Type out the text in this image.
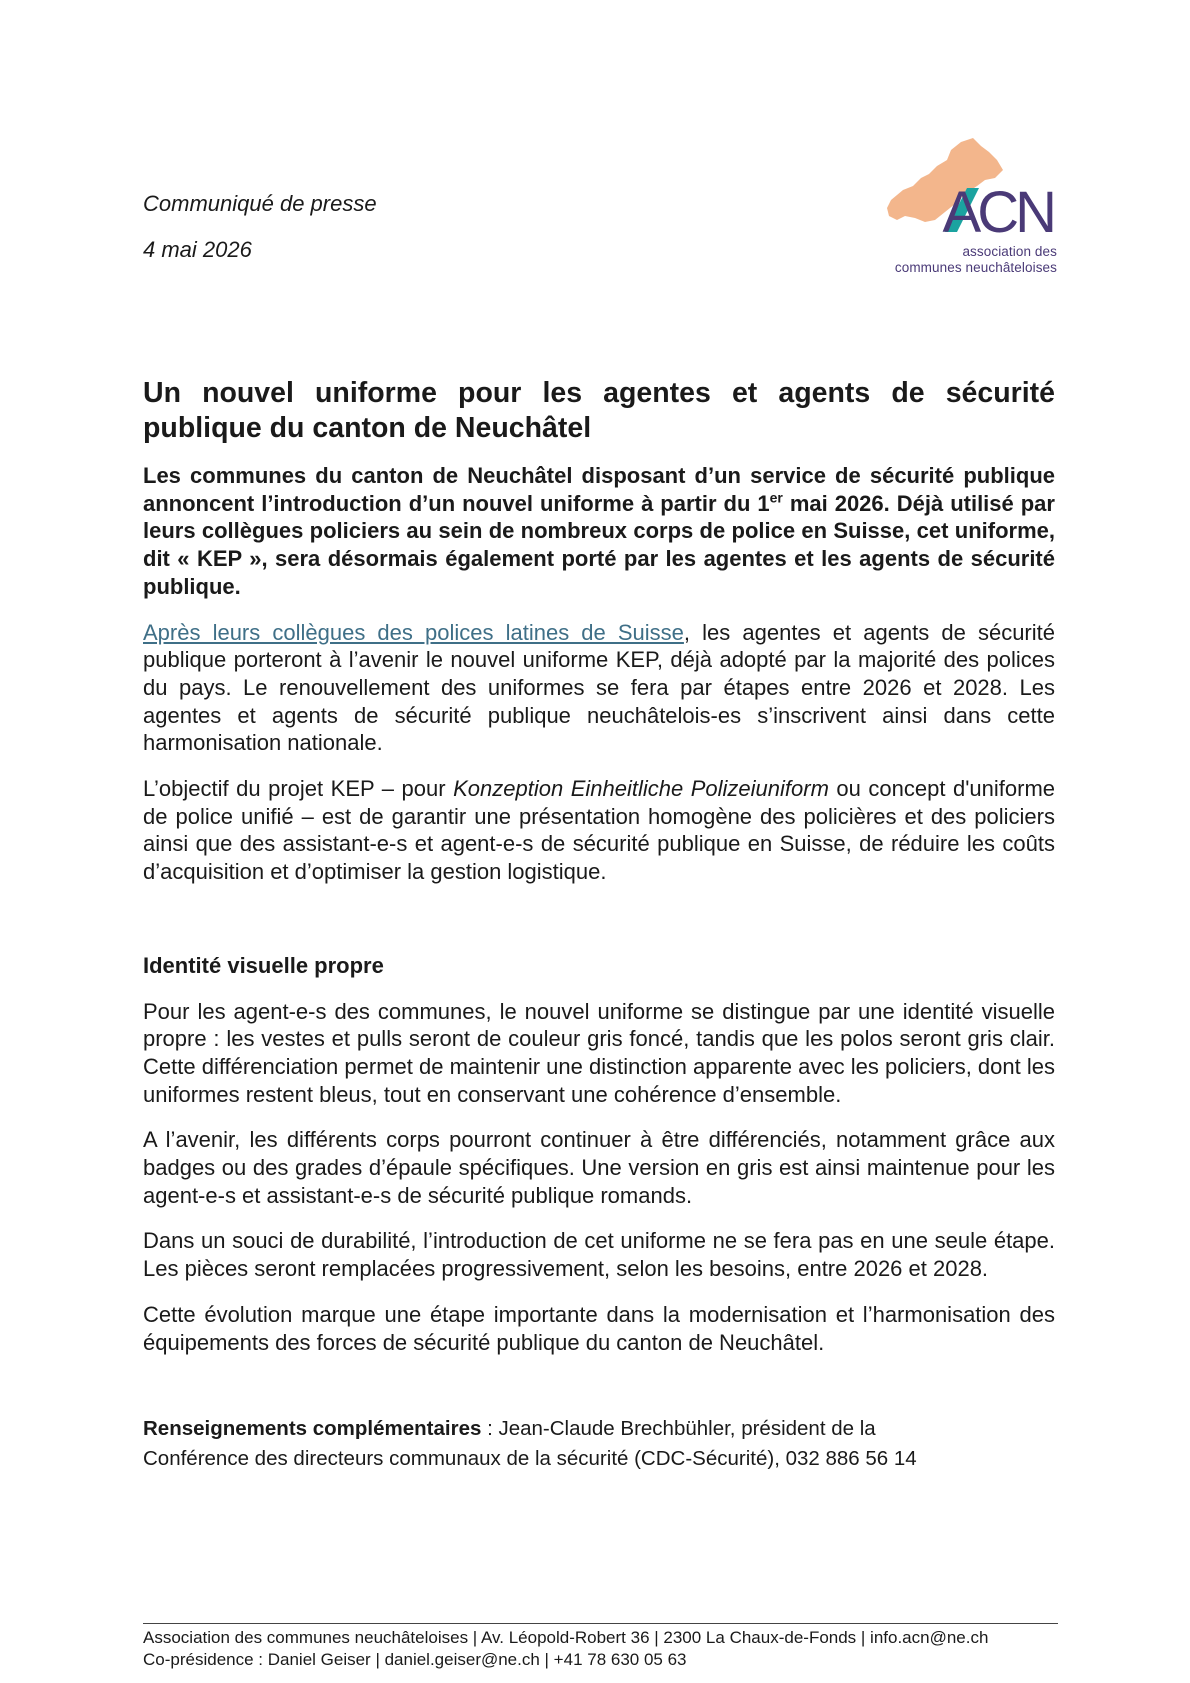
Communiqué de presse
4 mai 2026
ACN
association des
communes neuchâteloises
Un nouvel uniforme pour les agentes et agents de sécurité publique du canton de Neuchâtel

Les communes du canton de Neuchâtel disposant d’un service de sécurité publique annoncent l’introduction d’un nouvel uniforme à partir du 1er mai 2026. Déjà utilisé par leurs collègues policiers au sein de nombreux corps de police en Suisse, cet uniforme, dit « KEP », sera désormais également porté par les agentes et les agents de sécurité publique.

Après leurs collègues des polices latines de Suisse, les agentes et agents de sécurité publique porteront à l’avenir le nouvel uniforme KEP, déjà adopté par la majorité des polices du pays. Le renouvellement des uniformes se fera par étapes entre 2026 et 2028. Les agentes et agents de sécurité publique neuchâtelois-es s’inscrivent ainsi dans cette harmonisation nationale.

L’objectif du projet KEP – pour Konzeption Einheitliche Polizeiuniform ou concept d'uniforme de police unifié – est de garantir une présentation homogène des policières et des policiers ainsi que des assistant-e-s et agent-e-s de sécurité publique en Suisse, de réduire les coûts d’acquisition et d’optimiser la gestion logistique.

Identité visuelle propre

Pour les agent-e-s des communes, le nouvel uniforme se distingue par une identité visuelle propre : les vestes et pulls seront de couleur gris foncé, tandis que les polos seront gris clair. Cette différenciation permet de maintenir une distinction apparente avec les policiers, dont les uniformes restent bleus, tout en conservant une cohérence d’ensemble.

A l’avenir, les différents corps pourront continuer à être différenciés, notamment grâce aux badges ou des grades d’épaule spécifiques. Une version en gris est ainsi maintenue pour les agent-e-s et assistant-e-s de sécurité publique romands.

Dans un souci de durabilité, l’introduction de cet uniforme ne se fera pas en une seule étape. Les pièces seront remplacées progressivement, selon les besoins, entre 2026 et 2028.

Cette évolution marque une étape importante dans la modernisation et l’harmonisation des équipements des forces de sécurité publique du canton de Neuchâtel.

Renseignements complémentaires : Jean-Claude Brechbühler, président de la
Conférence des directeurs communaux de la sécurité (CDC-Sécurité), 032 886 56 14
Association des communes neuchâteloises | Av. Léopold-Robert 36 | 2300 La Chaux-de-Fonds | info.acn@ne.ch
Co-présidence : Daniel Geiser | daniel.geiser@ne.ch | +41 78 630 05 63
